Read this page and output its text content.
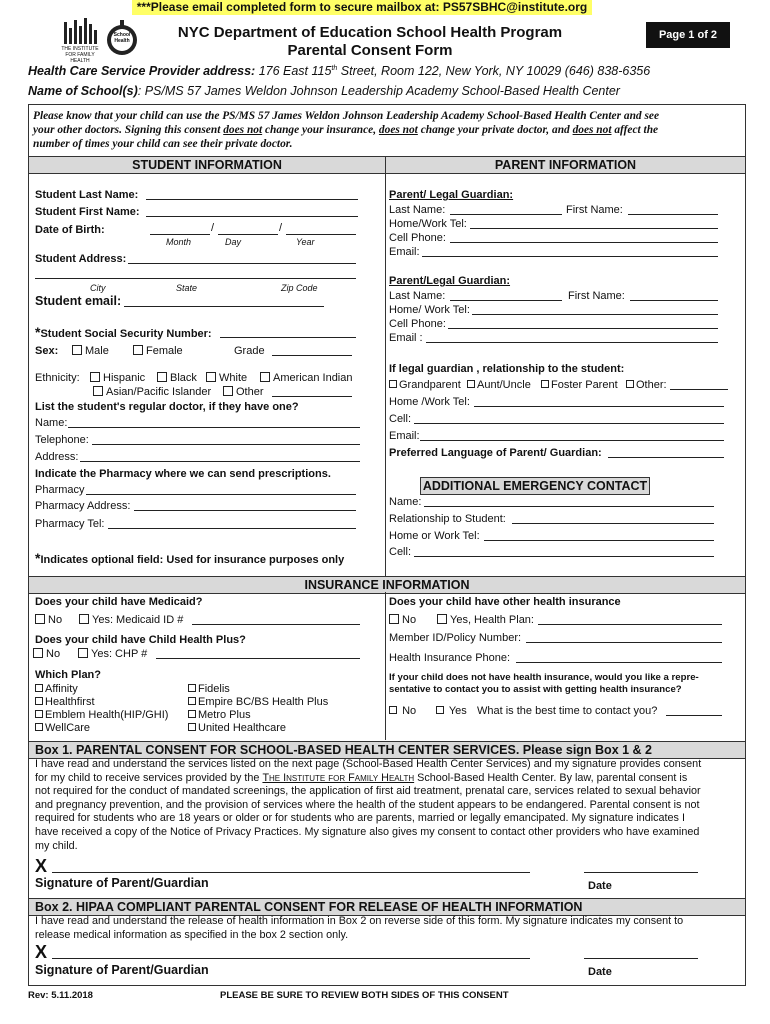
***Please email completed form to secure mailbox at: PS57SBHC@institute.org
THE INSTITUTE FOR FAMILY HEALTH
School Health	NYC Department of Education School Health Program
Parental Consent Form
Page 1 of 2
Health Care Service Provider address: 176 East 115th Street, Room 122, New York, NY 10029 (646) 838-6356
Name of School(s): PS/MS 57 James Weldon Johnson Leadership Academy School-Based Health Center
Please know that your child can use the PS/MS 57 James Weldon Johnson Leadership Academy School-Based Health Center and see
your other doctors. Signing this consent does not change your insurance, does not change your private doctor, and does not affect the
number of times your child can see their private doctor.
STUDENT INFORMATION	PARENT INFORMATION
Student Last Name:
Student First Name:
Date of Birth:	/	/
Month	Day	Year
Student Address:
City	State	Zip Code
Student email:
*Student Social Security Number:
Sex:	Male	Female	Grade
Ethnicity:	Hispanic	Black	White	American Indian
Asian/Pacific Islander	Other
List the student's regular doctor, if they have one?
Name:
Telephone:
Address:
Indicate the Pharmacy where we can send prescriptions.
Pharmacy
Pharmacy Address:
Pharmacy Tel:
*Indicates optional field: Used for insurance purposes only
Parent/ Legal Guardian:
Last Name:	First Name:
Home/Work Tel:
Cell Phone:
Email:
Parent/Legal Guardian:
Last Name:	First Name:
Home/ Work Tel:
Cell Phone:
Email :
If legal guardian , relationship to the student:
Grandparent	Aunt/Uncle	Foster Parent	Other:
Home /Work Tel:
Cell:
Email:
Preferred Language of Parent/ Guardian:
ADDITIONAL EMERGENCY CONTACT
Name:
Relationship to Student:
Home or Work Tel:
Cell:
INSURANCE INFORMATION
Does your child have Medicaid?
No	Yes: Medicaid ID #
Does your child have Child Health Plus?
No	Yes: CHP #
Which Plan?
Affinity
Healthfirst
Emblem Health(HIP/GHI)
WellCare
Fidelis
Empire BC/BS Health Plus
Metro Plus
United Healthcare
Does your child have other health insurance
No	Yes, Health Plan:
Member ID/Policy Number:
Health Insurance Phone:
If your child does not have health insurance, would you like a repre-
sentative to contact you to assist with getting health insurance?
No	Yes What is the best time to contact you?
Box 1. PARENTAL CONSENT FOR SCHOOL-BASED HEALTH CENTER SERVICES. Please sign Box 1 & 2
I have read and understand the services listed on the next page (School-Based Health Center Services) and my signature provides consent
for my child to receive services provided by the The Institute for Family Health School-Based Health Center. By law, parental consent is
not required for the conduct of mandated screenings, the application of first aid treatment, prenatal care, services related to sexual behavior
and pregnancy prevention, and the provision of services where the health of the student appears to be endangered. Parental consent is not
required for students who are 18 years or older or for students who are parents, married or legally emancipated. My signature indicates I
have received a copy of the Notice of Privacy Practices. My signature also gives my consent to contact other providers who have examined
my child.
X
Signature of Parent/Guardian	Date
Box 2. HIPAA COMPLIANT PARENTAL CONSENT FOR RELEASE OF HEALTH INFORMATION
I have read and understand the release of health information in Box 2 on reverse side of this form. My signature indicates my consent to
release medical information as specified in the box 2 section only.
X
Signature of Parent/Guardian	Date
Rev: 5.11.2018	PLEASE BE SURE TO REVIEW BOTH SIDES OF THIS CONSENT
